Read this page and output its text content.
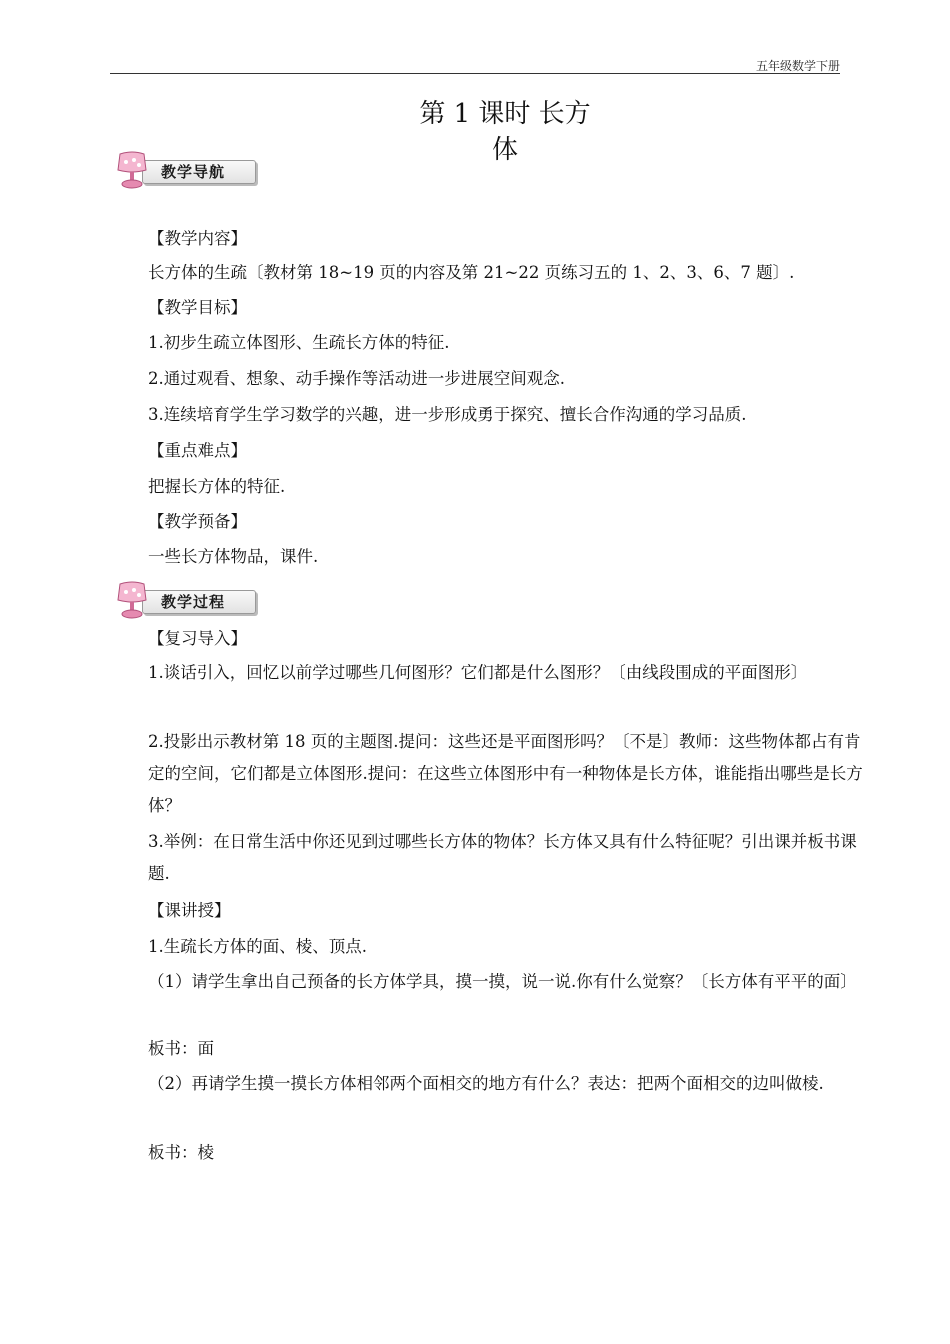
五年级数学下册
第 1 课时 长方
体
教学导航
【教学内容】
长方体的生疏〔教材第 18~19 页的内容及第 21~22 页练习五的 1、2、3、6、7 题〕.
【教学目标】
1.初步生疏立体图形、生疏长方体的特征.
2.通过观看、想象、动手操作等活动进一步进展空间观念.
3.连续培育学生学习数学的兴趣，进一步形成勇于探究、擅长合作沟通的学习品质.
【重点难点】
把握长方体的特征.
【教学预备】
一些长方体物品，课件.
教学过程
【复习导入】
1.谈话引入，回忆以前学过哪些几何图形？它们都是什么图形？〔由线段围成的平面图形〕
2.投影出示教材第 18 页的主题图.提问：这些还是平面图形吗？〔不是〕教师：这些物体都占有肯定的空间，它们都是立体图形.提问：在这些立体图形中有一种物体是长方体，谁能指出哪些是长方体？
3.举例：在日常生活中你还见到过哪些长方体的物体？长方体又具有什么特征呢？引出课并板书课题.
【课讲授】
1.生疏长方体的面、棱、顶点.
（1）请学生拿出自己预备的长方体学具，摸一摸，说一说.你有什么觉察？〔长方体有平平的面〕
板书：面
（2）再请学生摸一摸长方体相邻两个面相交的地方有什么？表达：把两个面相交的边叫做棱.
板书：棱
